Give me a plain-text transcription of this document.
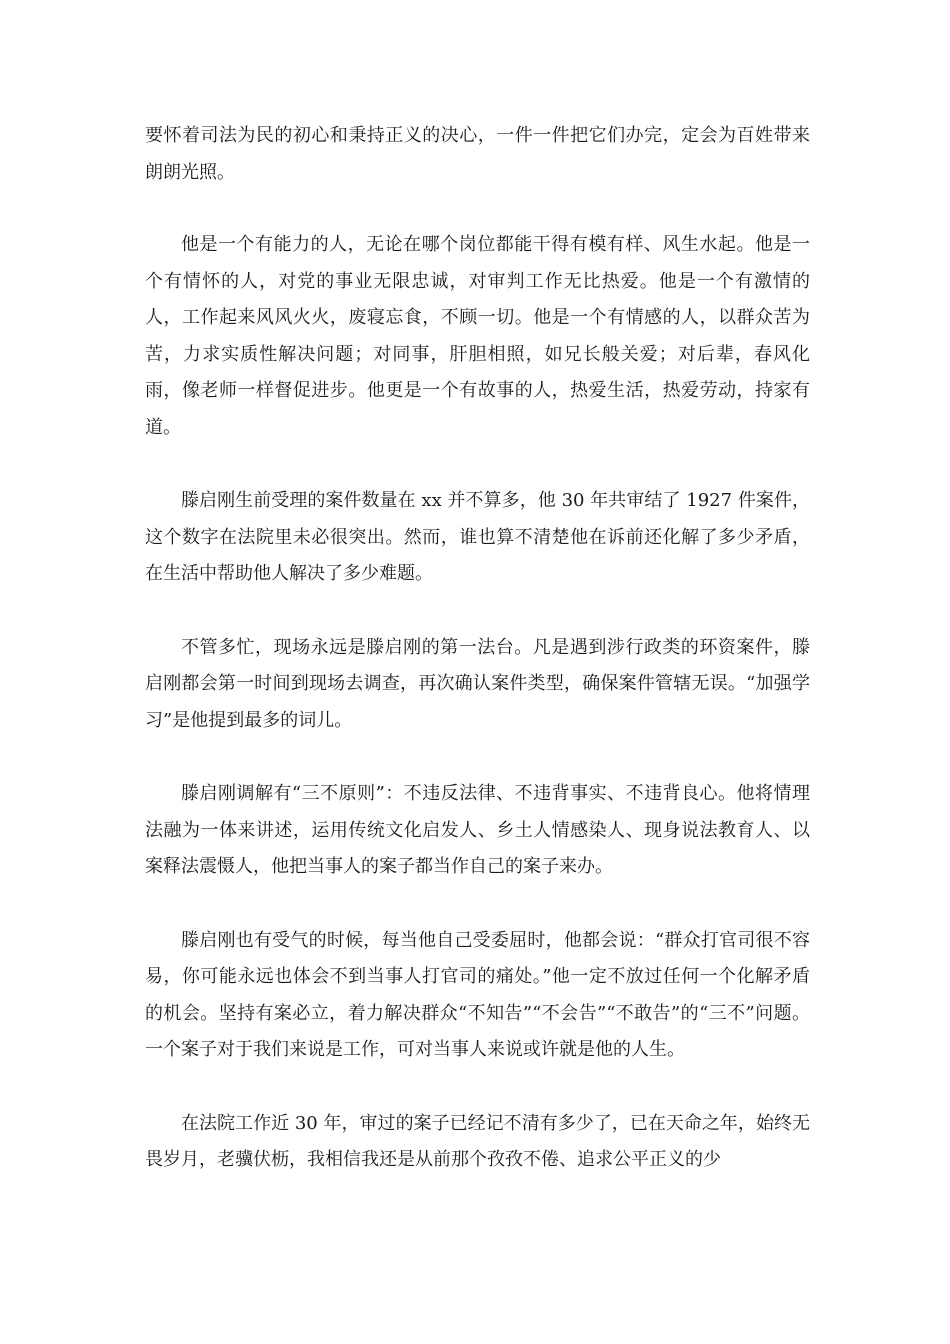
要怀着司法为民的初心和秉持正义的决心，一件一件把它们办完，定会为百姓带来朗朗光照。

他是一个有能力的人，无论在哪个岗位都能干得有模有样、风生水起。他是一个有情怀的人，对党的事业无限忠诚，对审判工作无比热爱。他是一个有激情的人，工作起来风风火火，废寝忘食，不顾一切。他是一个有情感的人，以群众苦为苦，力求实质性解决问题；对同事，肝胆相照，如兄长般关爱；对后辈，春风化雨，像老师一样督促进步。他更是一个有故事的人，热爱生活，热爱劳动，持家有道。

滕启刚生前受理的案件数量在 xx 并不算多，他 30 年共审结了 1927 件案件，这个数字在法院里未必很突出。然而，谁也算不清楚他在诉前还化解了多少矛盾，在生活中帮助他人解决了多少难题。

不管多忙，现场永远是滕启刚的第一法台。凡是遇到涉行政类的环资案件，滕启刚都会第一时间到现场去调查，再次确认案件类型，确保案件管辖无误。“加强学习”是他提到最多的词儿。

滕启刚调解有“三不原则”：不违反法律、不违背事实、不违背良心。他将情理法融为一体来讲述，运用传统文化启发人、乡土人情感染人、现身说法教育人、以案释法震慑人，他把当事人的案子都当作自己的案子来办。

滕启刚也有受气的时候，每当他自己受委屈时，他都会说：“群众打官司很不容易，你可能永远也体会不到当事人打官司的痛处。”他一定不放过任何一个化解矛盾的机会。坚持有案必立，着力解决群众“不知告”“不会告”“不敢告”的“三不”问题。一个案子对于我们来说是工作，可对当事人来说或许就是他的人生。

在法院工作近 30 年，审过的案子已经记不清有多少了，已在天命之年，始终无畏岁月，老骥伏枥，我相信我还是从前那个孜孜不倦、追求公平正义的少
